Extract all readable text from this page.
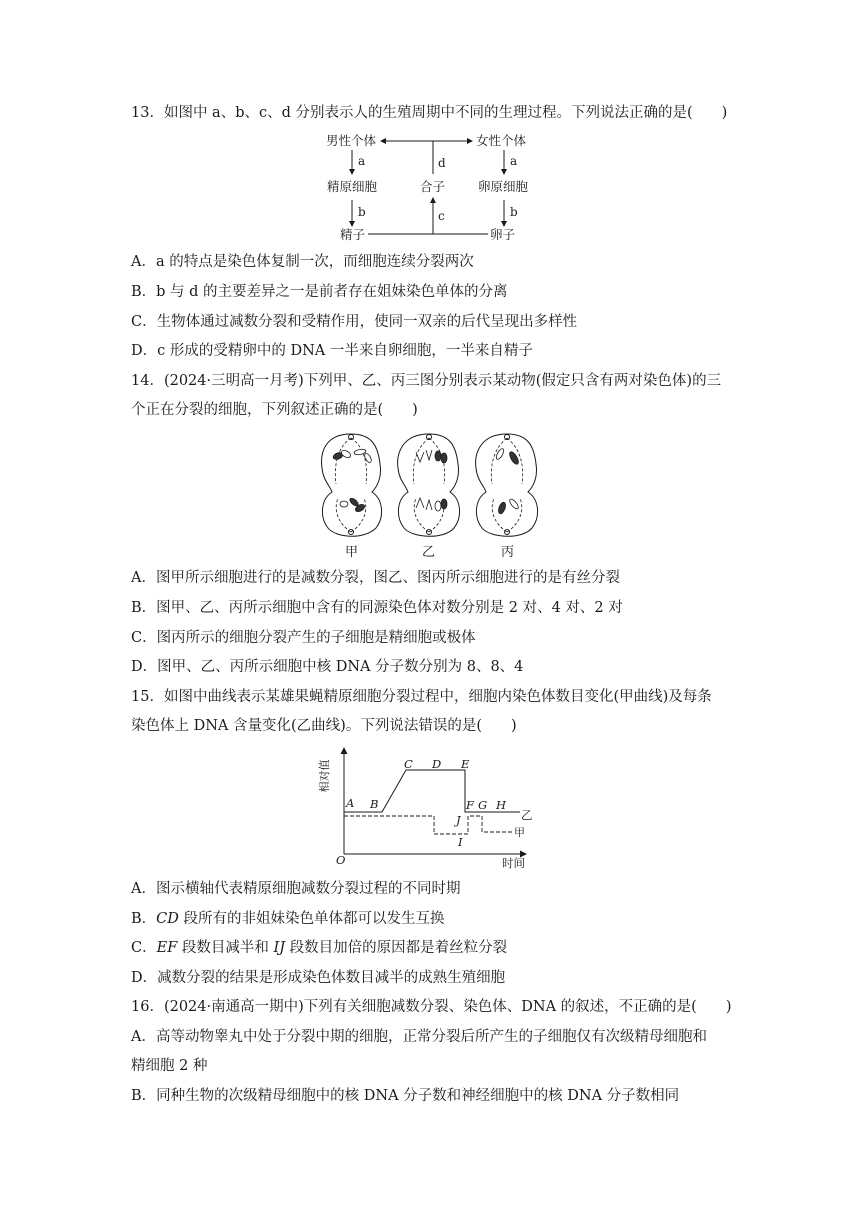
13．如图中 a、b、c、d 分别表示人的生殖周期中不同的生理过程。下列说法正确的是(　　)
男性个体	女性个体
d
a	a
精原细胞	合子	卵原细胞
b	b
精子	卵子
c
A．a 的特点是染色体复制一次，而细胞连续分裂两次
B．b 与 d 的主要差异之一是前者存在姐妹染色单体的分离
C．生物体通过减数分裂和受精作用，使同一双亲的后代呈现出多样性
D．c 形成的受精卵中的 DNA 一半来自卵细胞，一半来自精子
14．(2024·三明高一月考)下列甲、乙、丙三图分别表示某动物(假定只含有两对染色体)的三
个正在分裂的细胞，下列叙述正确的是(　　)
甲	乙	丙
A．图甲所示细胞进行的是减数分裂，图乙、图丙所示细胞进行的是有丝分裂
B．图甲、乙、丙所示细胞中含有的同源染色体对数分别是 2 对、4 对、2 对
C．图丙所示的细胞分裂产生的子细胞是精细胞或极体
D．图甲、乙、丙所示细胞中核 DNA 分子数分别为 8、8、4
15．如图中曲线表示某雄果蝇精原细胞分裂过程中，细胞内染色体数目变化(甲曲线)及每条
染色体上 DNA 含量变化(乙曲线)。下列说法错误的是(　　)
相对值
时间
O
A B
C D E
F G H
I
J	乙
甲
A．图示横轴代表精原细胞减数分裂过程的不同时期
B．CD 段所有的非姐妹染色单体都可以发生互换
C．EF 段数目减半和 IJ 段数目加倍的原因都是着丝粒分裂
D．减数分裂的结果是形成染色体数目减半的成熟生殖细胞
16．(2024·南通高一期中)下列有关细胞减数分裂、染色体、DNA 的叙述，不正确的是(　　)
A．高等动物睾丸中处于分裂中期的细胞，正常分裂后所产生的子细胞仅有次级精母细胞和
精细胞 2 种
B．同种生物的次级精母细胞中的核 DNA 分子数和神经细胞中的核 DNA 分子数相同
